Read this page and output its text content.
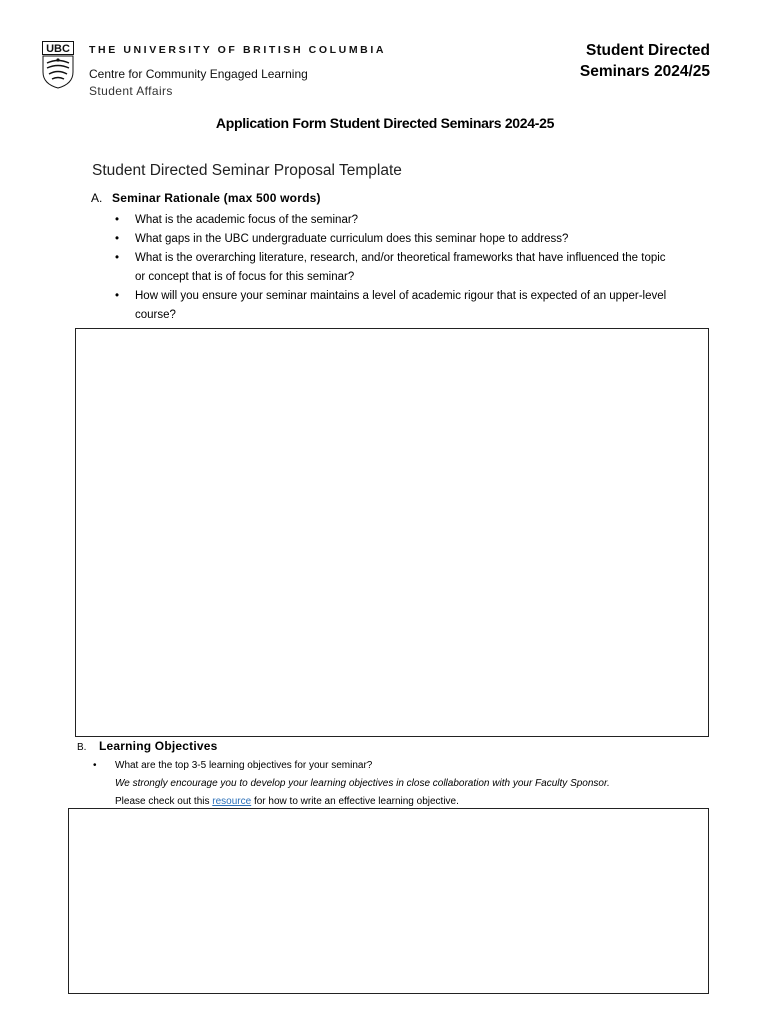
UBC THE UNIVERSITY OF BRITISH COLUMBIA
Centre for Community Engaged Learning
Student Affairs
Student Directed
Seminars 2024/25
Application Form Student Directed Seminars 2024-25
Student Directed Seminar Proposal Template
A. Seminar Rationale (max 500 words)
• What is the academic focus of the seminar?
• What gaps in the UBC undergraduate curriculum does this seminar hope to address?
• What is the overarching literature, research, and/or theoretical frameworks that have influenced the topic or concept that is of focus for this seminar?
• How will you ensure your seminar maintains a level of academic rigour that is expected of an upper-level course?
B. Learning Objectives
• What are the top 3-5 learning objectives for your seminar?
We strongly encourage you to develop your learning objectives in close collaboration with your Faculty Sponsor.
Please check out this resource for how to write an effective learning objective.
